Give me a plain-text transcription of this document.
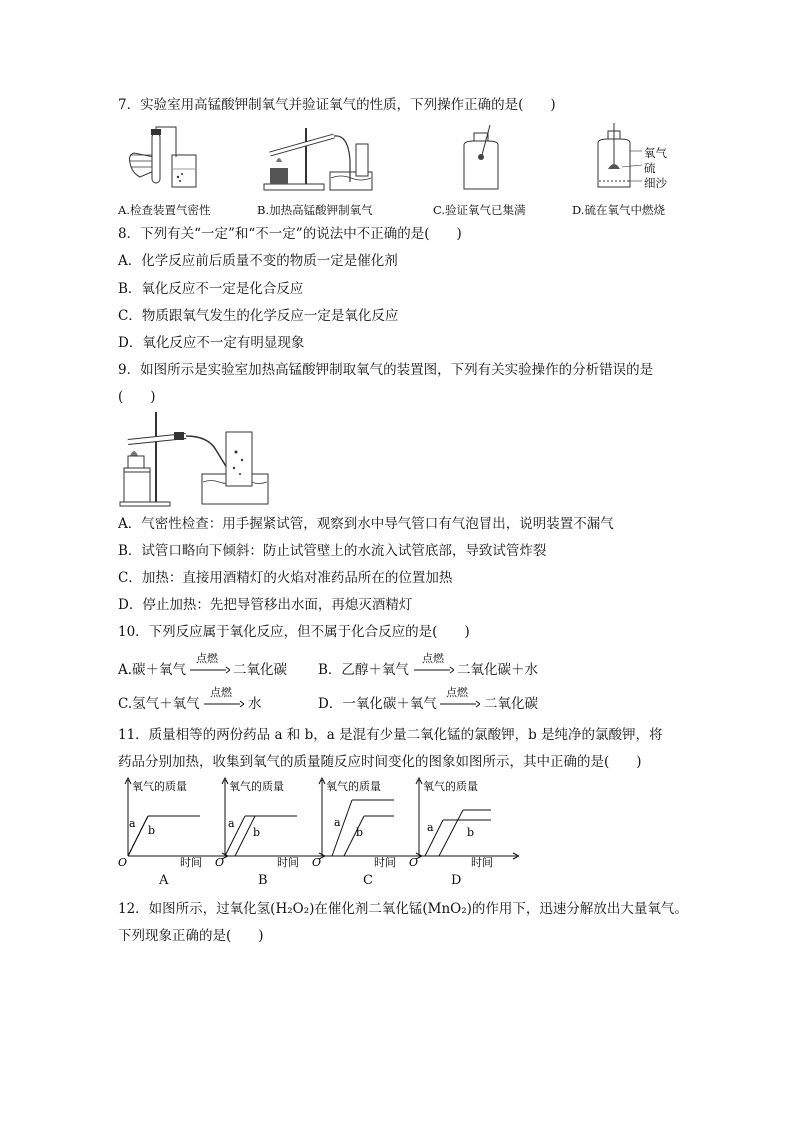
7．实验室用高锰酸钾制氧气并验证氧气的性质，下列操作正确的是(　　)
A.检查装置气密性	B.加热高锰酸钾制氧气	C.验证氧气已集满
氧气
硫
细沙
D.硫在氧气中燃烧
8．下列有关“一定”和“不一定”的说法中不正确的是(　　)
A．化学反应前后质量不变的物质一定是催化剂
B．氧化反应不一定是化合反应
C．物质跟氧气发生的化学反应一定是氧化反应
D．氧化反应不一定有明显现象
9．如图所示是实验室加热高锰酸钾制取氧气的装置图，下列有关实验操作的分析错误的是
(　　)
A．气密性检查：用手握紧试管，观察到水中导气管口有气泡冒出，说明装置不漏气
B．试管口略向下倾斜：防止试管壁上的水流入试管底部，导致试管炸裂
C．加热：直接用酒精灯的火焰对准药品所在的位置加热
D．停止加热：先把导管移出水面，再熄灭酒精灯
10．下列反应属于氧化反应，但不属于化合反应的是(　　)
A.碳＋氧气
点燃
二氧化碳 B．乙醇＋氧气
点燃
二氧化碳＋水
C.氢气＋氧气
点燃
水	D．一氧化碳＋氧气
点燃
二氧化碳
11．质量相等的两份药品 a 和 b，a 是混有少量二氧化锰的氯酸钾，b 是纯净的氯酸钾，将
药品分别加热，收集到氧气的质量随反应时间变化的图象如图所示，其中正确的是(　　)
氧气的质量
a
b
O	时间
A
氧气的质量
a
b
O	时间
B
氧气的质量
a
b
O	时间
C
氧气的质量
a	b
O	时间
D
12．如图所示，过氧化氢(H₂O₂)在催化剂二氧化锰(MnO₂)的作用下，迅速分解放出大量氧气。
下列现象正确的是(　　)
